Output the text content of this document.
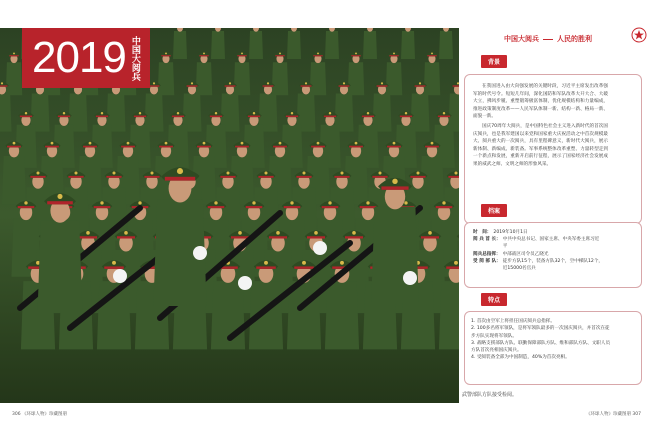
2019 中国大阅兵	中国大阅兵	人民的胜利

在我国进入由大向强发展的关键时段，习近平主席发出改革强军的时代号令。短短几年间，深化国防和军队改革大开大合、大破大立，拂风步履、重塑锻筹极富体制，优化规模结构和力量编成，推进政策制度改革——人民军队体制一新、结构一新、格局一新、面貌一新。

国庆70周年大阅兵，是中国特色社会主义进入新时代的首次国庆阅兵，也是我军建国以来党和国家重大庆祝活动之中首次规模最大、阅兵重大的一次阅兵，具有里程碑意义，新时代大阅兵，展示新体制、新编成、新装备。军事系统整体改革重塑、力量转型走到一个新点和发展，重新开启前行征程，展示了国家经济社会发展成果的威武之师、文明之师的形象风采。

背景
时　间： 2019年10月1日
阅 兵 首 长： 中共中央总书记、国家主席、中央军委主席习近平
阅兵总指挥： 中部战区司令员乙晓光
受 阅 部 队： 徒步方队15个，装备方队32个，空中梯队12个，近15000名官兵
档案
1. 首次由空军上将担任国庆阅兵总指挥。
2. 100多名将军领队，是将军领队最多的一次国庆阅兵，并首次在徒步方队实现将军领队。
3. 战略支援部队方队、联勤保障部队方队、维和部队方队、文职人员方队首次亮相国庆阅兵。
4. 受阅装备全部为中国制造，40%为首次亮相。
特点
武警部队方队接受检阅。
306 《环球人物》珍藏图册	《环球人物》珍藏图册 307
